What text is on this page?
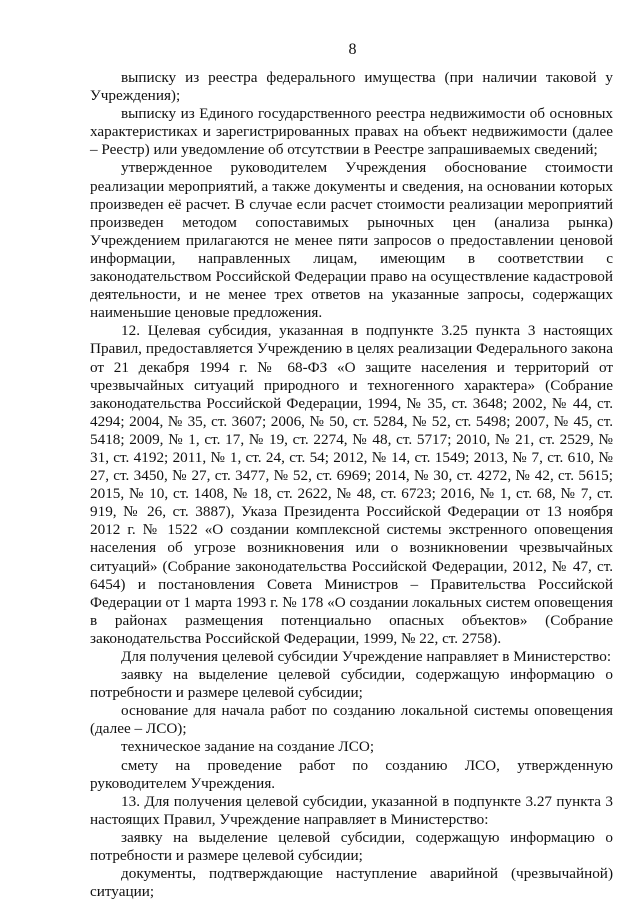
8

выписку из реестра федерального имущества (при наличии таковой у Учреждения);

выписку из Единого государственного реестра недвижимости об основных характеристиках и зарегистрированных правах на объект недвижимости (далее – Реестр) или уведомление об отсутствии в Реестре запрашиваемых сведений;

утвержденное руководителем Учреждения обоснование стоимости реализации мероприятий, а также документы и сведения, на основании которых произведен её расчет. В случае если расчет стоимости реализации мероприятий произведен методом сопоставимых рыночных цен (анализа рынка) Учреждением прилагаются не менее пяти запросов о предоставлении ценовой информации, направленных лицам, имеющим в соответствии с законодательством Российской Федерации право на осуществление кадастровой деятельности, и не менее трех ответов на указанные запросы, содержащих наименьшие ценовые предложения.

12. Целевая субсидия, указанная в подпункте 3.25 пункта 3 настоящих Правил, предоставляется Учреждению в целях реализации Федерального закона от 21 декабря 1994 г. № 68-ФЗ «О защите населения и территорий от чрезвычайных ситуаций природного и техногенного характера» (Собрание законодательства Российской Федерации, 1994, № 35, ст. 3648; 2002, № 44, ст. 4294; 2004, № 35, ст. 3607; 2006, № 50, ст. 5284, № 52, ст. 5498; 2007, № 45, ст. 5418; 2009, № 1, ст. 17, № 19, ст. 2274, № 48, ст. 5717; 2010, № 21, ст. 2529, № 31, ст. 4192; 2011, № 1, ст. 24, ст. 54; 2012, № 14, ст. 1549; 2013, № 7, ст. 610, № 27, ст. 3450, № 27, ст. 3477, № 52, ст. 6969; 2014, № 30, ст. 4272, № 42, ст. 5615; 2015, № 10, ст. 1408, № 18, ст. 2622, № 48, ст. 6723; 2016, № 1, ст. 68, № 7, ст. 919, № 26, ст. 3887), Указа Президента Российской Федерации от 13 ноября 2012 г. № 1522 «О создании комплексной системы экстренного оповещения населения об угрозе возникновения или о возникновении чрезвычайных ситуаций» (Собрание законодательства Российской Федерации, 2012, № 47, ст. 6454) и постановления Совета Министров – Правительства Российской Федерации от 1 марта 1993 г. № 178 «О создании локальных систем оповещения в районах размещения потенциально опасных объектов» (Собрание законодательства Российской Федерации, 1999, № 22, ст. 2758).

Для получения целевой субсидии Учреждение направляет в Министерство:

заявку на выделение целевой субсидии, содержащую информацию о потребности и размере целевой субсидии;

основание для начала работ по созданию локальной системы оповещения (далее – ЛСО);

техническое задание на создание ЛСО;

смету на проведение работ по созданию ЛСО, утвержденную руководителем Учреждения.

13. Для получения целевой субсидии, указанной в подпункте 3.27 пункта 3 настоящих Правил, Учреждение направляет в Министерство:

заявку на выделение целевой субсидии, содержащую информацию о потребности и размере целевой субсидии;

документы, подтверждающие наступление аварийной (чрезвычайной) ситуации;
